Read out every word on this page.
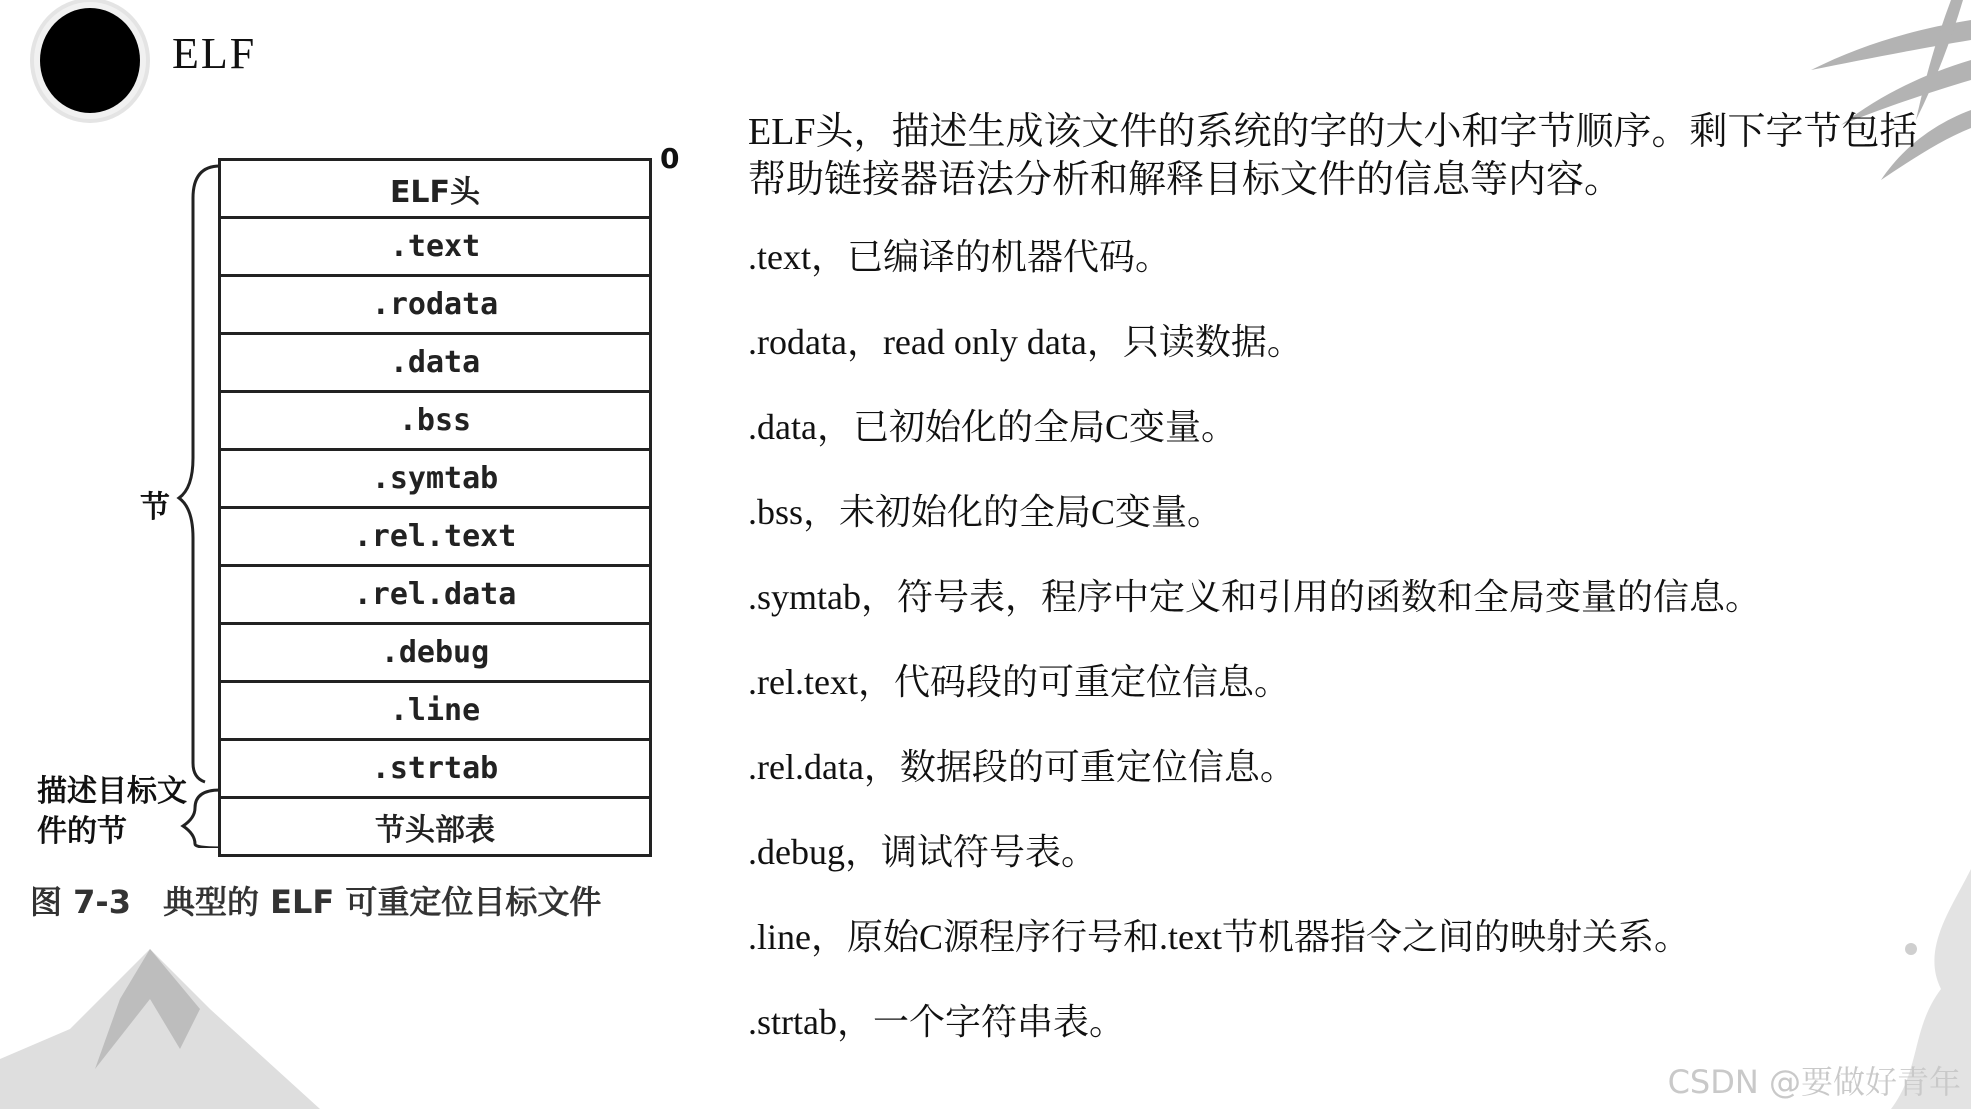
ELF
0
节
描述目标文件的节
ELF头
.text
.rodata
.data
.bss
.symtab
.rel.text
.rel.data
.debug
.line
.strtab
节头部表
图 7-3　典型的 ELF 可重定位目标文件

ELF头，描述生成该文件的系统的字的大小和字节顺序。剩下字节包括帮助链接器语法分析和解释目标文件的信息等内容。

.text，已编译的机器代码。
.rodata，read only data，只读数据。
.data，已初始化的全局C变量。
.bss，未初始化的全局C变量。
.symtab，符号表，程序中定义和引用的函数和全局变量的信息。
.rel.text，代码段的可重定位信息。
.rel.data，数据段的可重定位信息。
.debug，调试符号表。
.line，原始C源程序行号和.text节机器指令之间的映射关系。
.strtab，一个字符串表。
CSDN @要做好青年
